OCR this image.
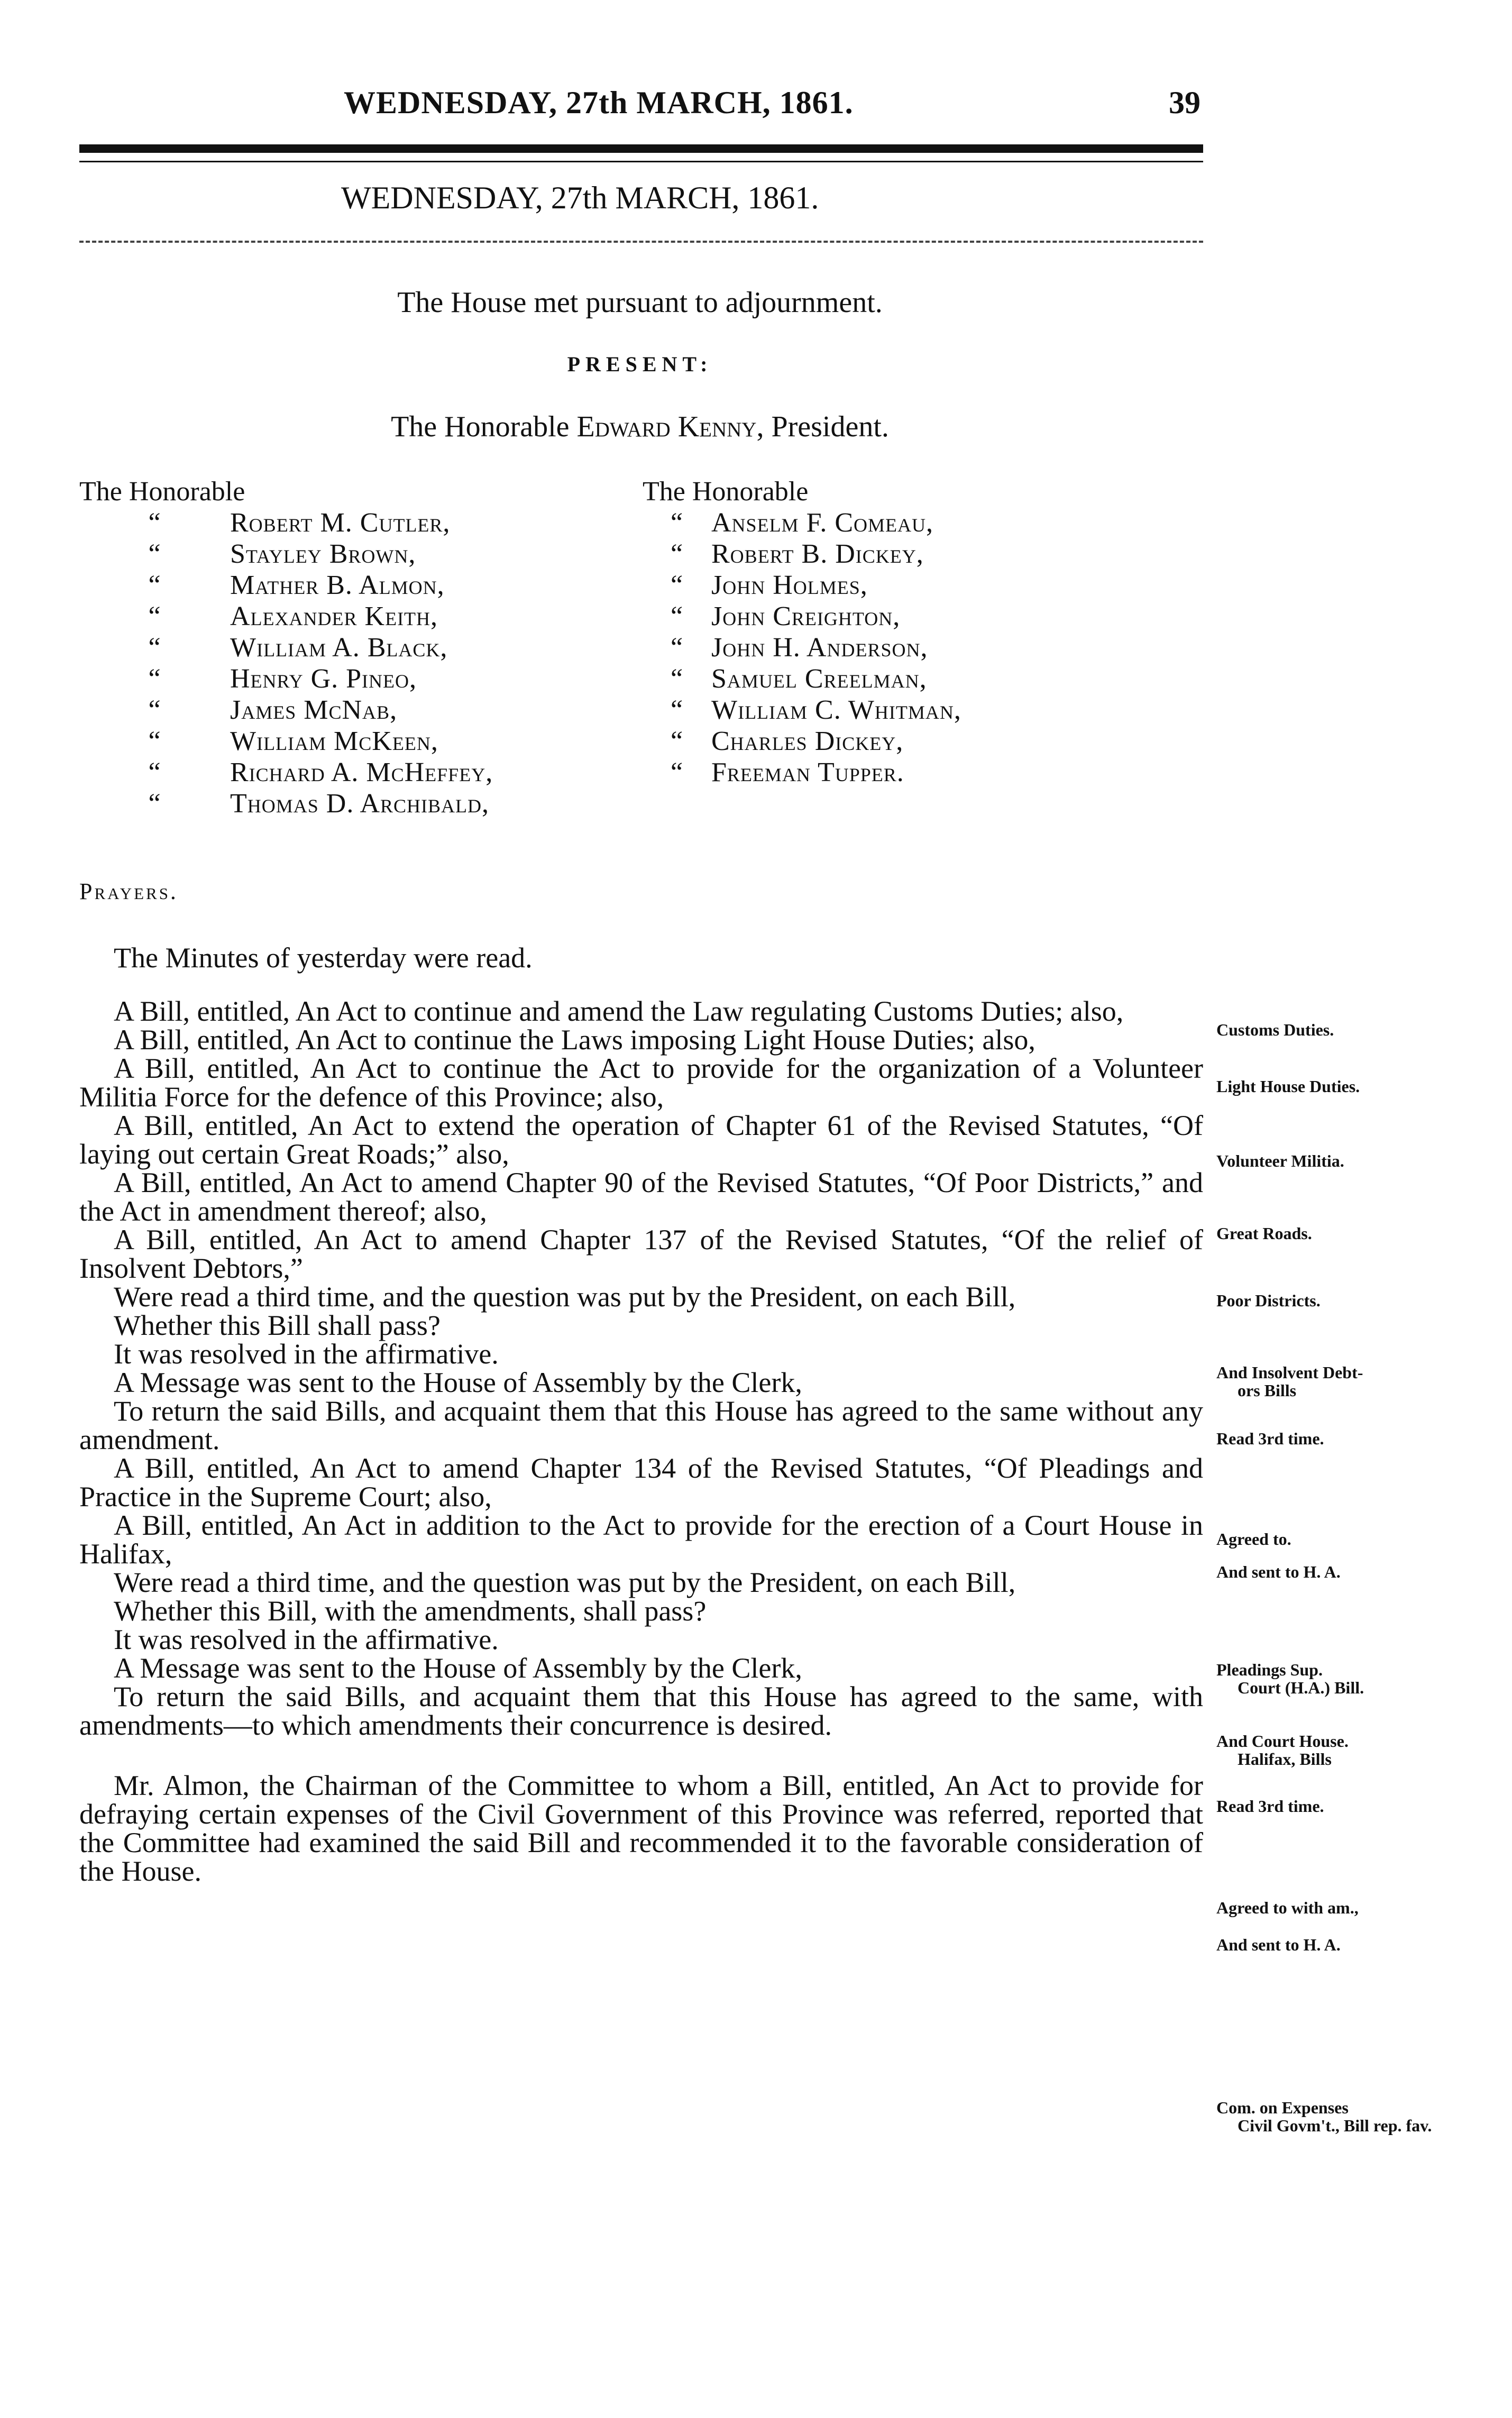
WEDNESDAY, 27th MARCH, 1861.	39
WEDNESDAY, 27th MARCH, 1861.
The House met pursuant to adjournment.
PRESENT:
The Honorable Edward Kenny, President.
The Honorable
“	Robert M. Cutler,
“	Stayley Brown,
“	Mather B. Almon,
“	Alexander Keith,
“	William A. Black,
“	Henry G. Pineo,
“	James McNab,
“	William McKeen,
“	Richard A. McHeffey,
“	Thomas D. Archibald,
The Honorable
“ Anselm F. Comeau,
“ Robert B. Dickey,
“ John Holmes,
“ John Creighton,
“ John H. Anderson,
“ Samuel Creelman,
“ William C. Whitman,
“ Charles Dickey,
“ Freeman Tupper.
Prayers.
The Minutes of yesterday were read.

A Bill, entitled, An Act to continue and amend the Law regulating Customs Duties; also,

A Bill, entitled, An Act to continue the Laws imposing Light House Duties; also,

A Bill, entitled, An Act to continue the Act to provide for the organization of a Volunteer Militia Force for the defence of this Province; also,

A Bill, entitled, An Act to extend the operation of Chapter 61 of the Revised Statutes, “Of laying out certain Great Roads;” also,

A Bill, entitled, An Act to amend Chapter 90 of the Revised Statutes, “Of Poor Districts,” and the Act in amendment thereof; also,

A Bill, entitled, An Act to amend Chapter 137 of the Revised Statutes, “Of the relief of Insolvent Debtors,”

Were read a third time, and the question was put by the President, on each Bill,

Whether this Bill shall pass?

It was resolved in the affirmative.

A Message was sent to the House of Assembly by the Clerk,

To return the said Bills, and acquaint them that this House has agreed to the same without any amendment.

A Bill, entitled, An Act to amend Chapter 134 of the Revised Statutes, “Of Pleadings and Practice in the Supreme Court; also,

A Bill, entitled, An Act in addition to the Act to provide for the erection of a Court House in Halifax,

Were read a third time, and the question was put by the President, on each Bill,

Whether this Bill, with the amendments, shall pass?

It was resolved in the affirmative.

A Message was sent to the House of Assembly by the Clerk,

To return the said Bills, and acquaint them that this House has agreed to the same, with amendments—to which amendments their concurrence is desired.

Mr. Almon, the Chairman of the Committee to whom a Bill, entitled, An Act to provide for defraying certain expenses of the Civil Government of this Province was referred, reported that the Committee had examined the said Bill and recommended it to the favorable consideration of the House.

Customs Duties.
Light House Duties.
Volunteer Militia.
Great Roads.
Poor Districts.
And Insolvent Debt-
ors Bills
Read 3rd time.
Agreed to.
And sent to H. A.
Pleadings Sup.
Court (H.A.) Bill.
And Court House.
Halifax, Bills
Read 3rd time.
Agreed to with am.,
And sent to H. A.
Com. on Expenses
Civil Govm't., Bill rep. fav.
